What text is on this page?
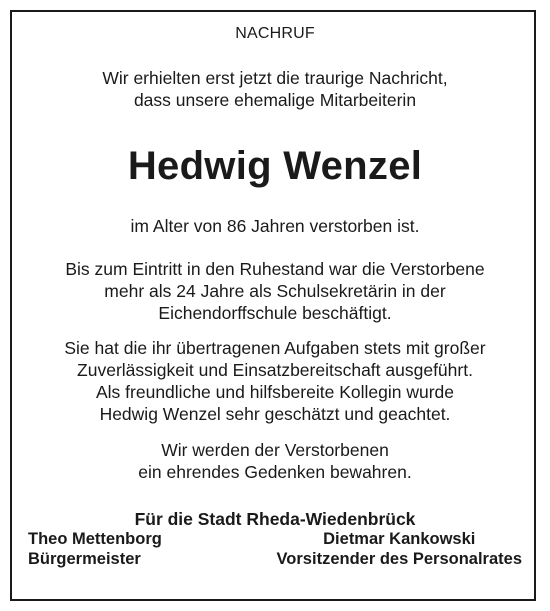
NACHRUF

Wir erhielten erst jetzt die traurige Nachricht,
dass unsere ehemalige Mitarbeiterin

Hedwig Wenzel

im Alter von 86 Jahren verstorben ist.

Bis zum Eintritt in den Ruhestand war die Verstorbene
mehr als 24 Jahre als Schulsekretärin in der
Eichendorffschule beschäftigt.

Sie hat die ihr übertragenen Aufgaben stets mit großer
Zuverlässigkeit und Einsatzbereitschaft ausgeführt.
Als freundliche und hilfsbereite Kollegin wurde
Hedwig Wenzel sehr geschätzt und geachtet.

Wir werden der Verstorbenen
ein ehrendes Gedenken bewahren.

Für die Stadt Rheda-Wiedenbrück

Theo Mettenborg
Bürgermeister
Dietmar Kankowski
Vorsitzender des Personalrates
